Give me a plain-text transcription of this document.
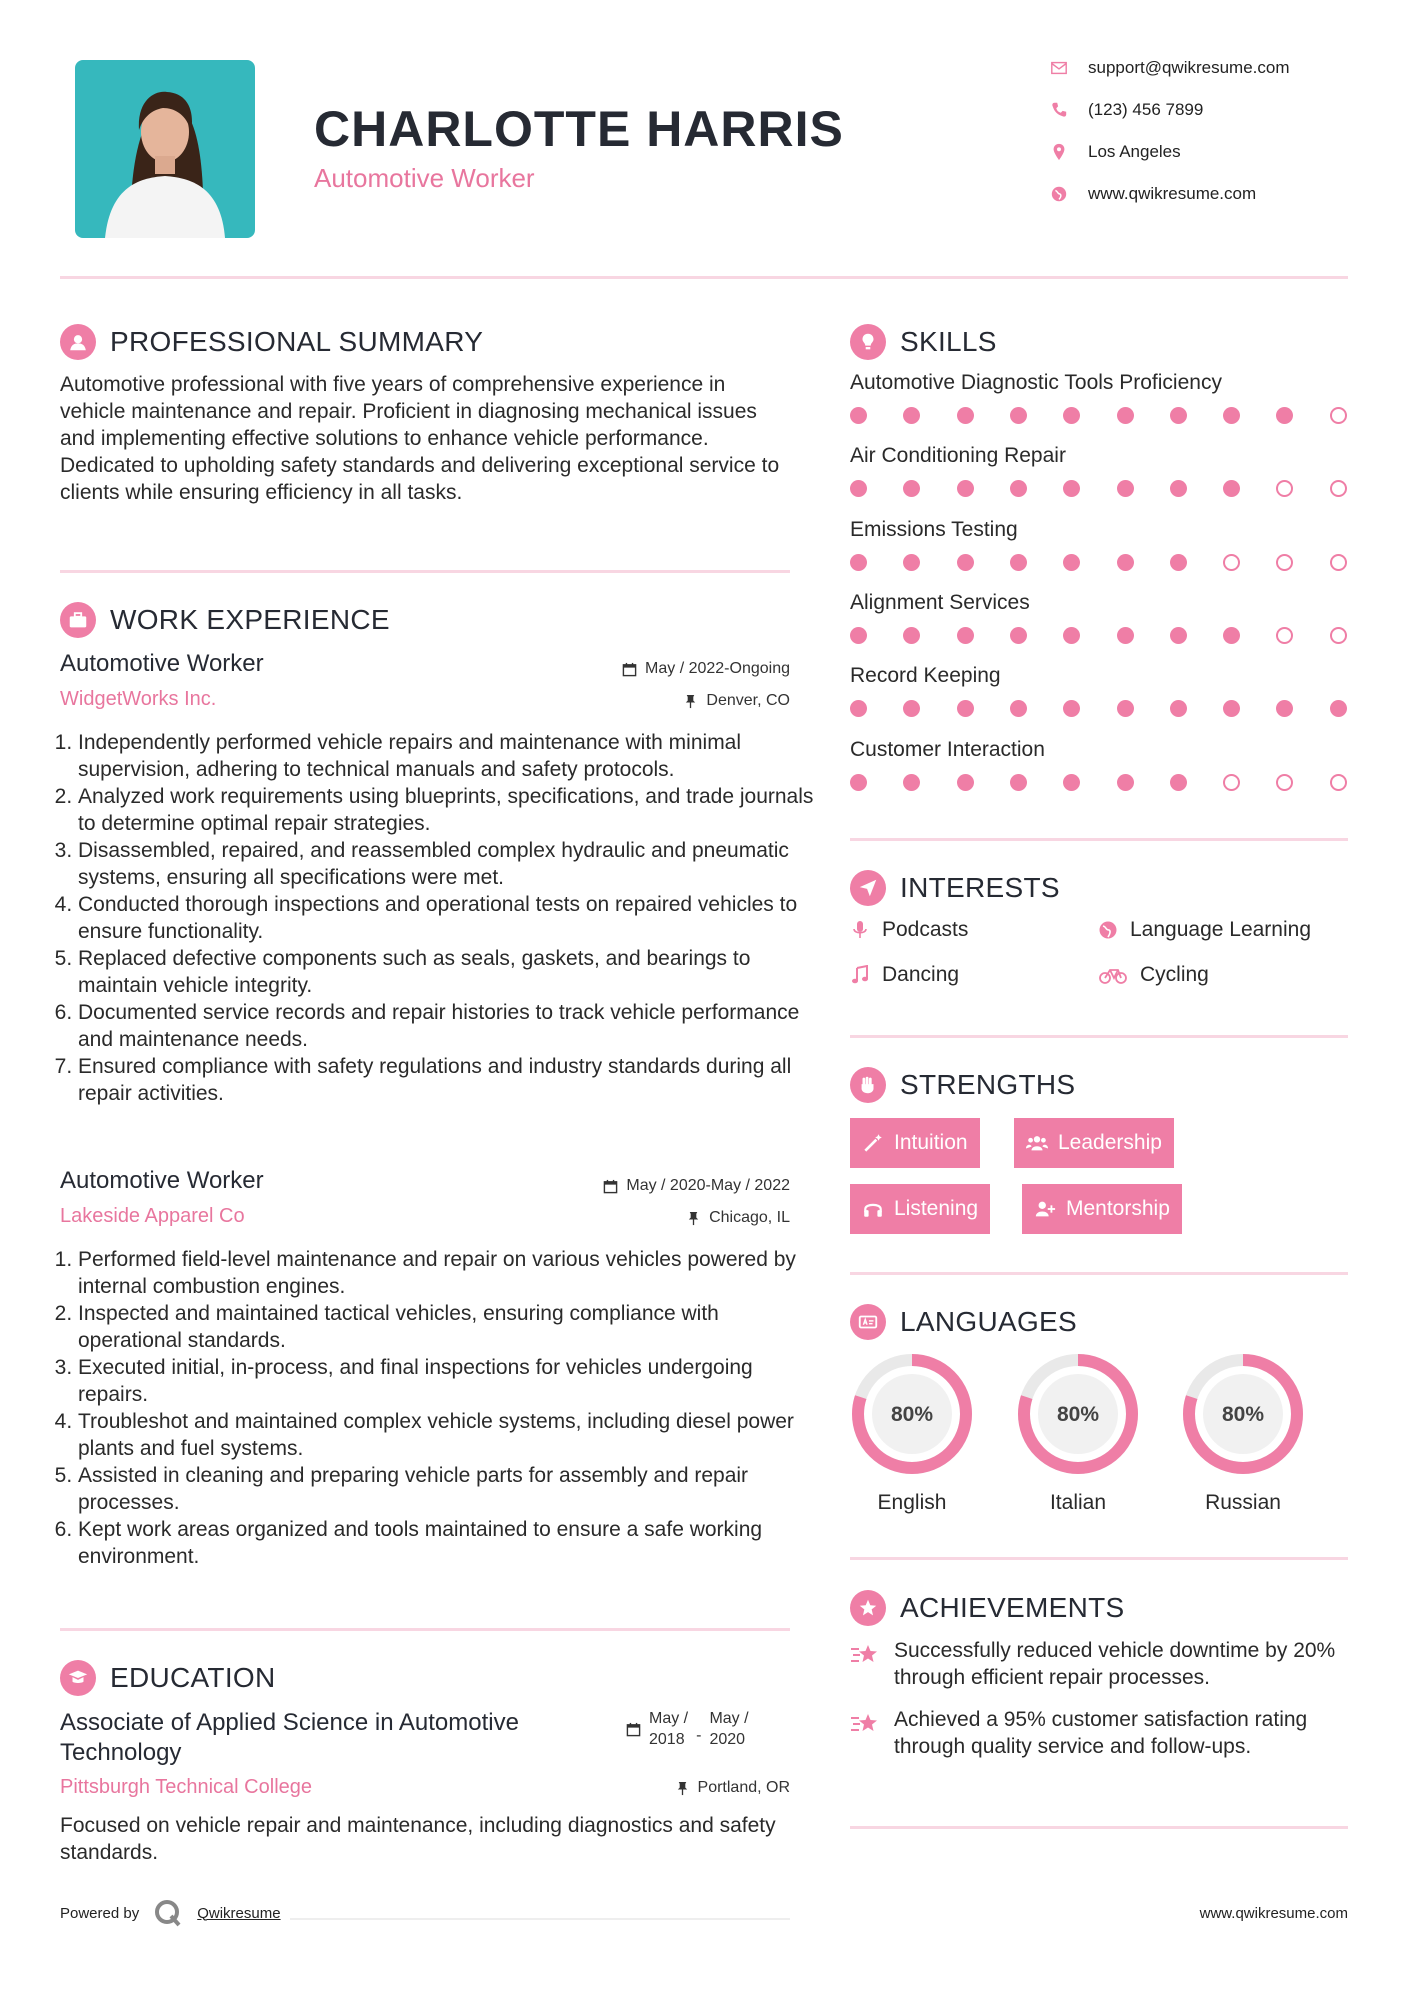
CHARLOTTE HARRIS
Automotive Worker
support@qwikresume.com
(123) 456 7899
Los Angeles
www.qwikresume.com
PROFESSIONAL SUMMARY
Automotive professional with five years of comprehensive experience in vehicle maintenance and repair. Proficient in diagnosing mechanical issues and implementing effective solutions to enhance vehicle performance. Dedicated to upholding safety standards and delivering exceptional service to clients while ensuring efficiency in all tasks.
WORK EXPERIENCE
Automotive Worker	May / 2022-Ongoing
WidgetWorks Inc.	Denver, CO
1. Independently performed vehicle repairs and maintenance with minimal supervision, adhering to technical manuals and safety protocols.
2. Analyzed work requirements using blueprints, specifications, and trade journals to determine optimal repair strategies.
3. Disassembled, repaired, and reassembled complex hydraulic and pneumatic systems, ensuring all specifications were met.
4. Conducted thorough inspections and operational tests on repaired vehicles to ensure functionality.
5. Replaced defective components such as seals, gaskets, and bearings to maintain vehicle integrity.
6. Documented service records and repair histories to track vehicle performance and maintenance needs.
7. Ensured compliance with safety regulations and industry standards during all repair activities.
Automotive Worker	May / 2020-May / 2022
Lakeside Apparel Co	Chicago, IL
1. Performed field-level maintenance and repair on various vehicles powered by internal combustion engines.
2. Inspected and maintained tactical vehicles, ensuring compliance with operational standards.
3. Executed initial, in-process, and final inspections for vehicles undergoing repairs.
4. Troubleshot and maintained complex vehicle systems, including diesel power plants and fuel systems.
5. Assisted in cleaning and preparing vehicle parts for assembly and repair processes.
6. Kept work areas organized and tools maintained to ensure a safe working environment.
EDUCATION
Associate of Applied Science in Automotive Technology
May /
2018 -
May /
2020
Pittsburgh Technical College	Portland, OR
Focused on vehicle repair and maintenance, including diagnostics and safety standards.
Powered by	Qwikresume	www.qwikresume.com
SKILLS
Automotive Diagnostic Tools Proficiency
Air Conditioning Repair
Emissions Testing
Alignment Services
Record Keeping
Customer Interaction
INTERESTS
Podcasts	Language Learning
Dancing	Cycling
STRENGTHS
Intuition	Leadership
Listening	Mentorship
LANGUAGES
80%
English
80%
Italian
80%
Russian
ACHIEVEMENTS
Successfully reduced vehicle downtime by 20% through efficient repair processes.
Achieved a 95% customer satisfaction rating through quality service and follow-ups.
